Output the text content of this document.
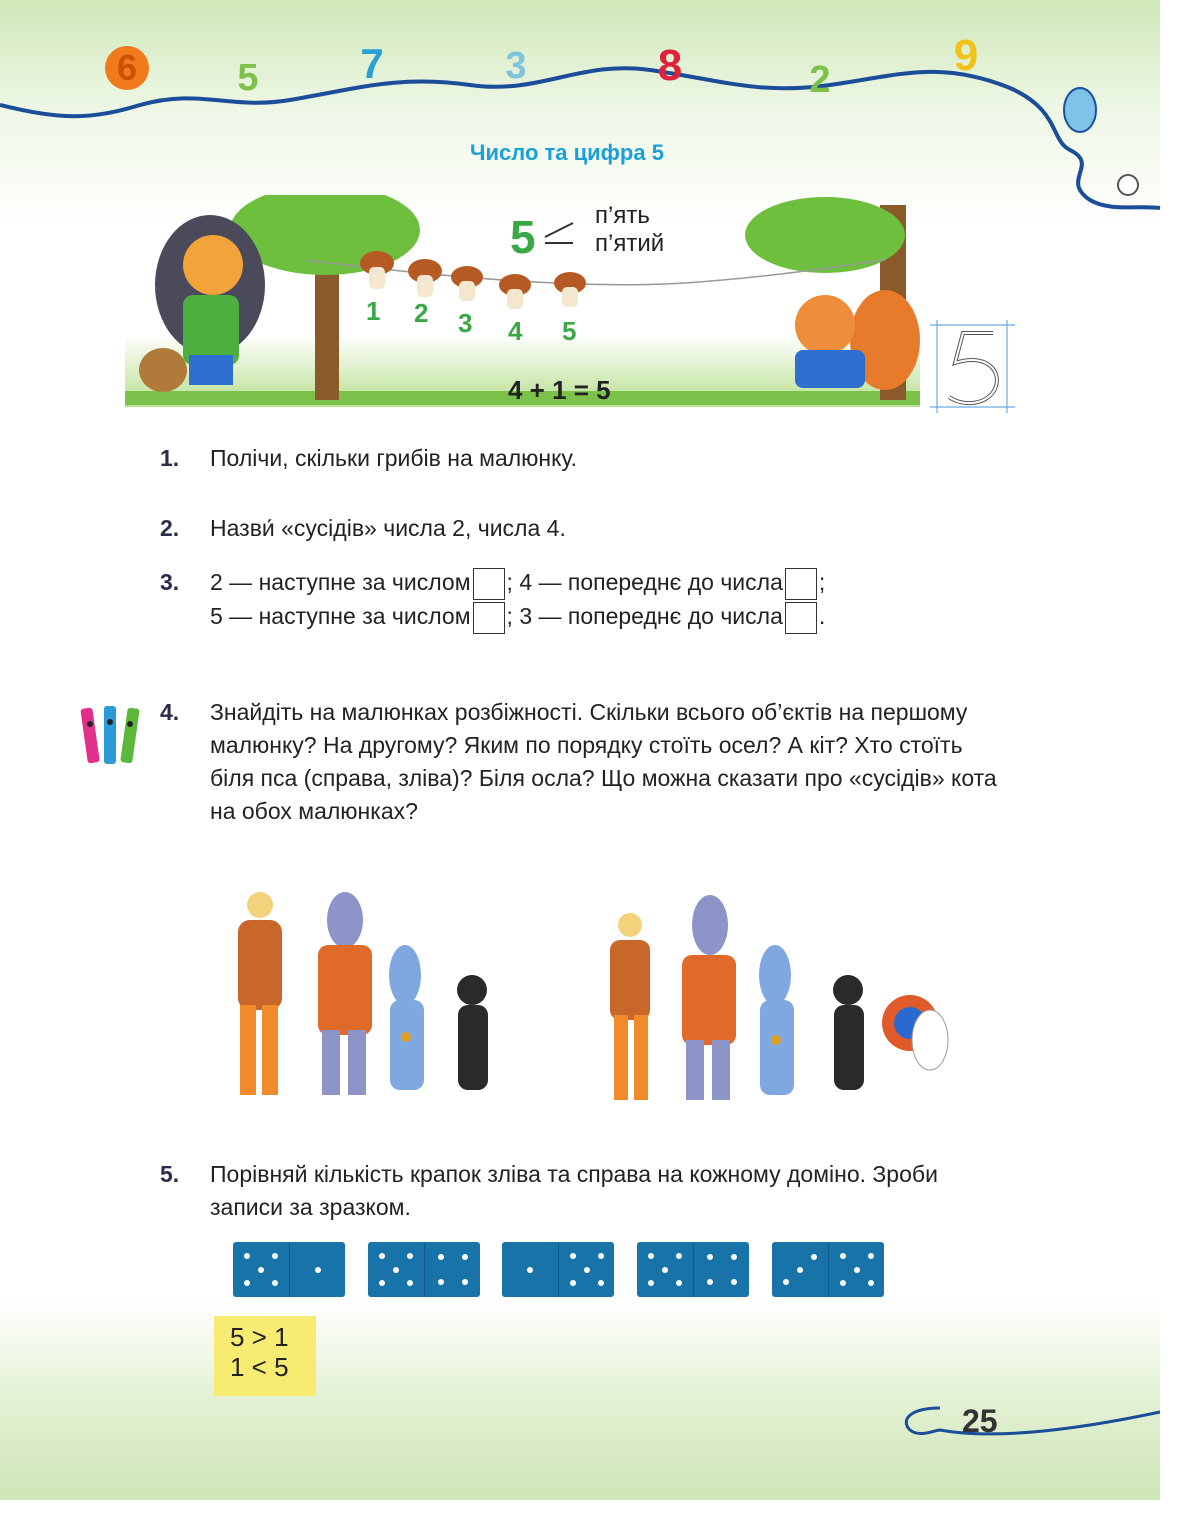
6	5 7	3	8	2	9
Число та цифра 5
5 п’ять
п’ятий
1 2 3 4 5
4 + 1 = 5
1. Полічи, скільки грибів на малюнку.
2. Назви́ «сусідів» числа 2, числа 4.
3. 2 — наступне за числом ; 4 — попереднє до числа ;
5 — наступне за числом ; 3 — попереднє до числа .
4. Знайдіть на малюнках розбіжності. Скільки всього об’єктів на першому малюнку? На другому? Яким по порядку стоїть осел? А кіт? Хто стоїть біля пса (справа, зліва)? Біля осла? Що можна сказати про «сусідів» кота на обох малюнках?
5. Порівняй кількість крапок зліва та справа на кожному доміно. Зроби записи за зразком.
5 > 1
1 < 5
25
